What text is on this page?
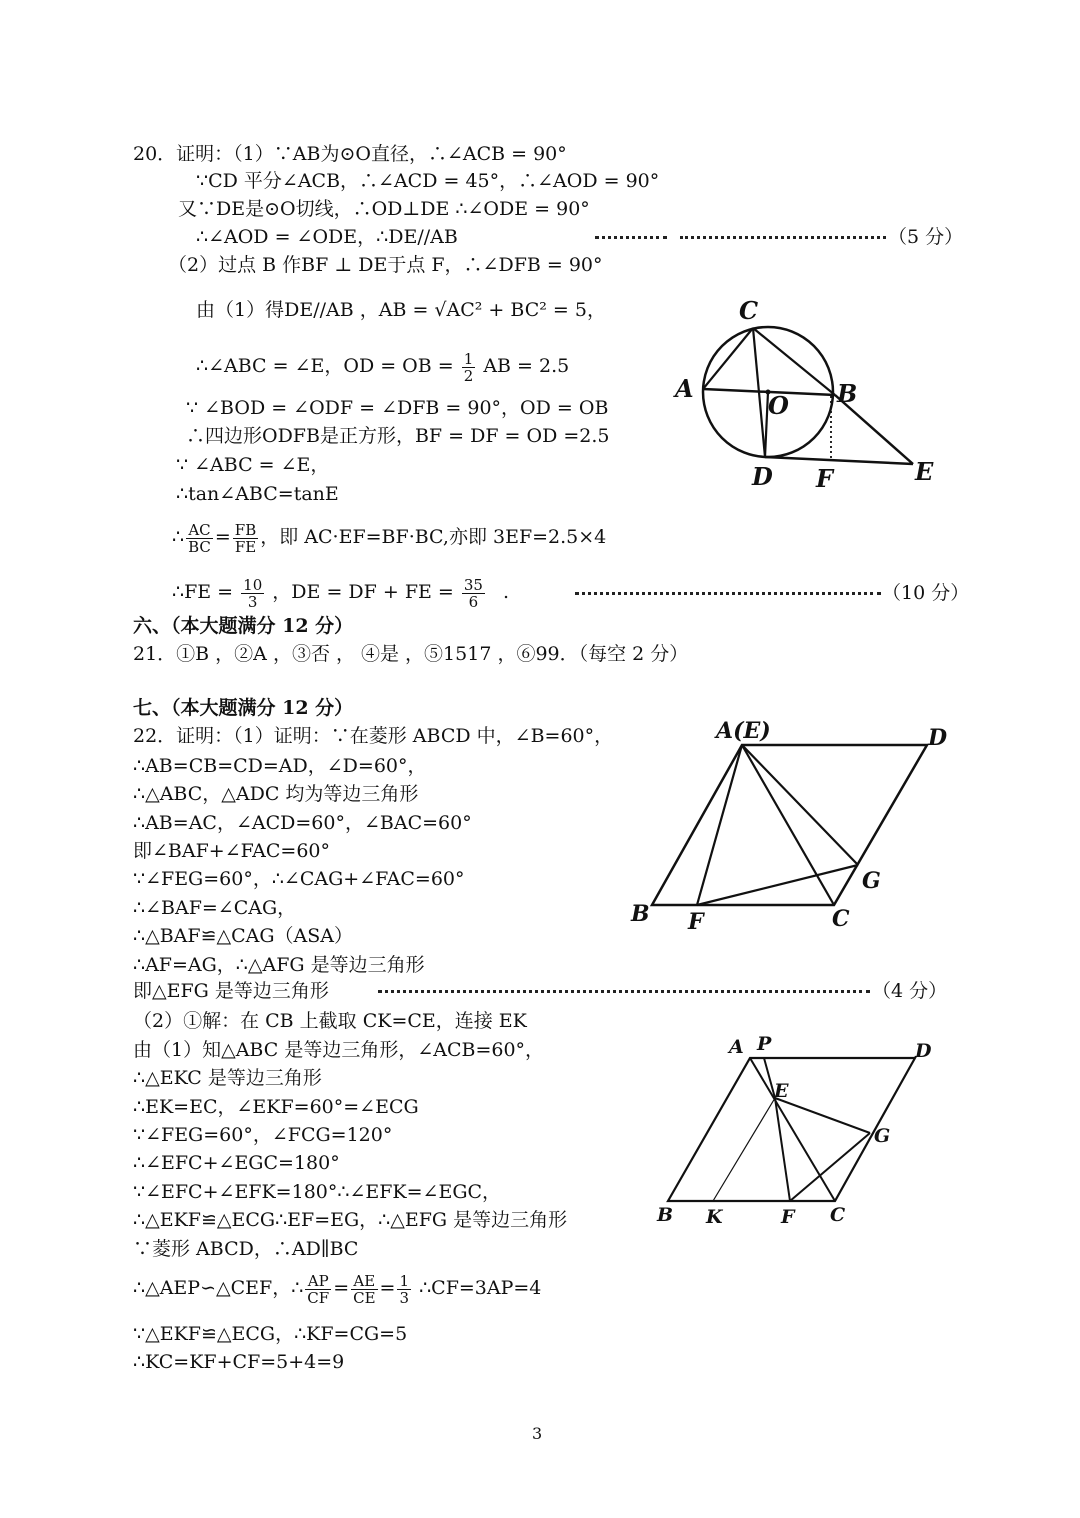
20．证明：（1）∵AB为⊙O直径，∴∠ACB = 90°
∵CD 平分∠ACB，∴∠ACD = 45°，∴∠AOD = 90°
又∵DE是⊙O切线，∴OD⊥DE ∴∠ODE = 90°
∴∠AOD = ∠ODE，∴DE//AB	（5 分）
（2）过点 B 作BF ⊥ DE于点 F，∴∠DFB = 90°
由（1）得DE//AB ，AB = √AC² + BC² = 5，
∴∠ABC = ∠E，OD = OB = $\frac{1}{2}$ AB = 2.5
∵ ∠BOD = ∠ODF = ∠DFB = 90°，OD = OB
∴四边形ODFB是正方形，BF = DF = OD =2.5
∵ ∠ABC = ∠E，
∴tan∠ABC=tanE
∴ $\frac{AC}{BC} = \frac{FB}{FE}$ ，即 AC·EF=BF·BC,亦即 3EF=2.5×4
∴FE = $\frac{10}{3}$ ，DE = DF + FE = $\frac{35}{6}$ .	（10 分）
六、（本大题满分 12 分）
21．①B ，②A ，③否 ， ④是 ，⑤1517 ，⑥99．（每空 2 分）
七、（本大题满分 12 分）
22．证明：（1）证明：∵在菱形 ABCD 中，∠B=60°，
∴AB=CB=CD=AD，∠D=60°，
∴△ABC，△ADC 均为等边三角形
∴AB=AC，∠ACD=60°，∠BAC=60°
即∠BAF+∠FAC=60°
∵∠FEG=60°，∴∠CAG+∠FAC=60°
∴∠BAF=∠CAG，
∴△BAF≌△CAG（ASA）
∴AF=AG，∴△AFG 是等边三角形
即△EFG 是等边三角形	（4 分）
（2）①解：在 CB 上截取 CK=CE，连接 EK
由（1）知△ABC 是等边三角形，∠ACB=60°，
∴△EKC 是等边三角形
∴EK=EC，∠EKF=60°=∠ECG
∵∠FEG=60°，∠FCG=120°
∴∠EFC+∠EGC=180°
∵∠EFC+∠EFK=180°∴∠EFK=∠EGC，
∴△EKF≌△ECG∴EF=EG，∴△EFG 是等边三角形
∵菱形 ABCD，∴AD∥BC
∴△AEP∽△CEF，∴ $\frac{AP}{CF} = \frac{AE}{CE} = \frac{1}{3}$ ∴CF=3AP=4
∵△EKF≌△ECG，∴KF=CG=5
∴KC=KF+CF=5+4=9
C
A
O B
D F	E
A(E)	D
G
B F	C
A P	D
E
G
B K	F C
3
